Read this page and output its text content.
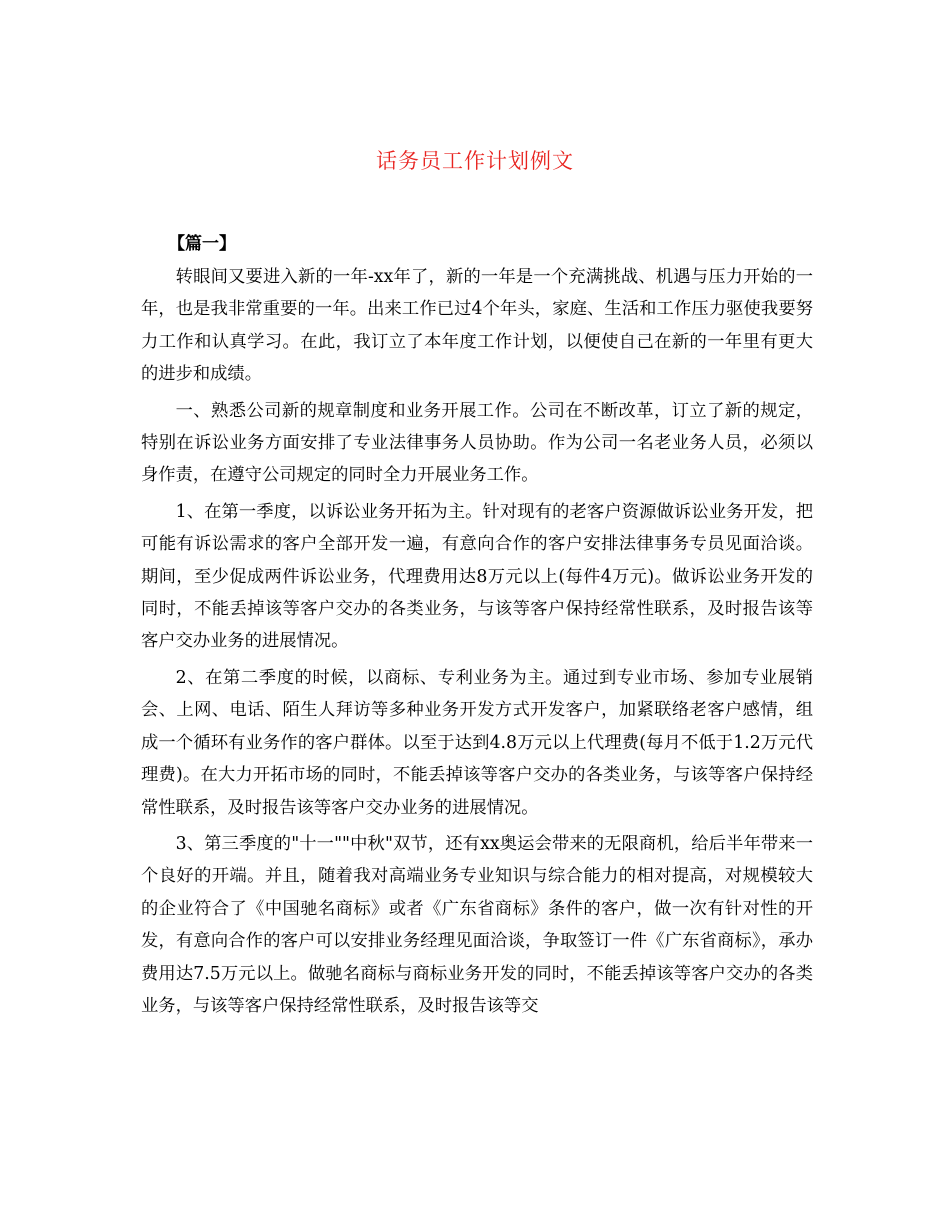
话务员工作计划例文
【篇一】

转眼间又要进入新的一年-xx年了，新的一年是一个充满挑战、机遇与压力开始的一年，也是我非常重要的一年。出来工作已过4个年头，家庭、生活和工作压力驱使我要努力工作和认真学习。在此，我订立了本年度工作计划，以便使自己在新的一年里有更大的进步和成绩。

一、熟悉公司新的规章制度和业务开展工作。公司在不断改革，订立了新的规定，特别在诉讼业务方面安排了专业法律事务人员协助。作为公司一名老业务人员，必须以身作责，在遵守公司规定的同时全力开展业务工作。

1、在第一季度，以诉讼业务开拓为主。针对现有的老客户资源做诉讼业务开发，把可能有诉讼需求的客户全部开发一遍，有意向合作的客户安排法律事务专员见面洽谈。期间，至少促成两件诉讼业务，代理费用达8万元以上(每件4万元)。做诉讼业务开发的同时，不能丢掉该等客户交办的各类业务，与该等客户保持经常性联系，及时报告该等客户交办业务的进展情况。

2、在第二季度的时候，以商标、专利业务为主。通过到专业市场、参加专业展销会、上网、电话、陌生人拜访等多种业务开发方式开发客户，加紧联络老客户感情，组成一个循环有业务作的客户群体。以至于达到4.8万元以上代理费(每月不低于1.2万元代理费)。在大力开拓市场的同时，不能丢掉该等客户交办的各类业务，与该等客户保持经常性联系，及时报告该等客户交办业务的进展情况。

3、第三季度的"十一""中秋"双节，还有xx奥运会带来的无限商机，给后半年带来一个良好的开端。并且，随着我对高端业务专业知识与综合能力的相对提高，对规模较大的企业符合了《中国驰名商标》或者《广东省商标》条件的客户，做一次有针对性的开发，有意向合作的客户可以安排业务经理见面洽谈，争取签订一件《广东省商标》，承办费用达7.5万元以上。做驰名商标与商标业务开发的同时，不能丢掉该等客户交办的各类业务，与该等客户保持经常性联系，及时报告该等交
